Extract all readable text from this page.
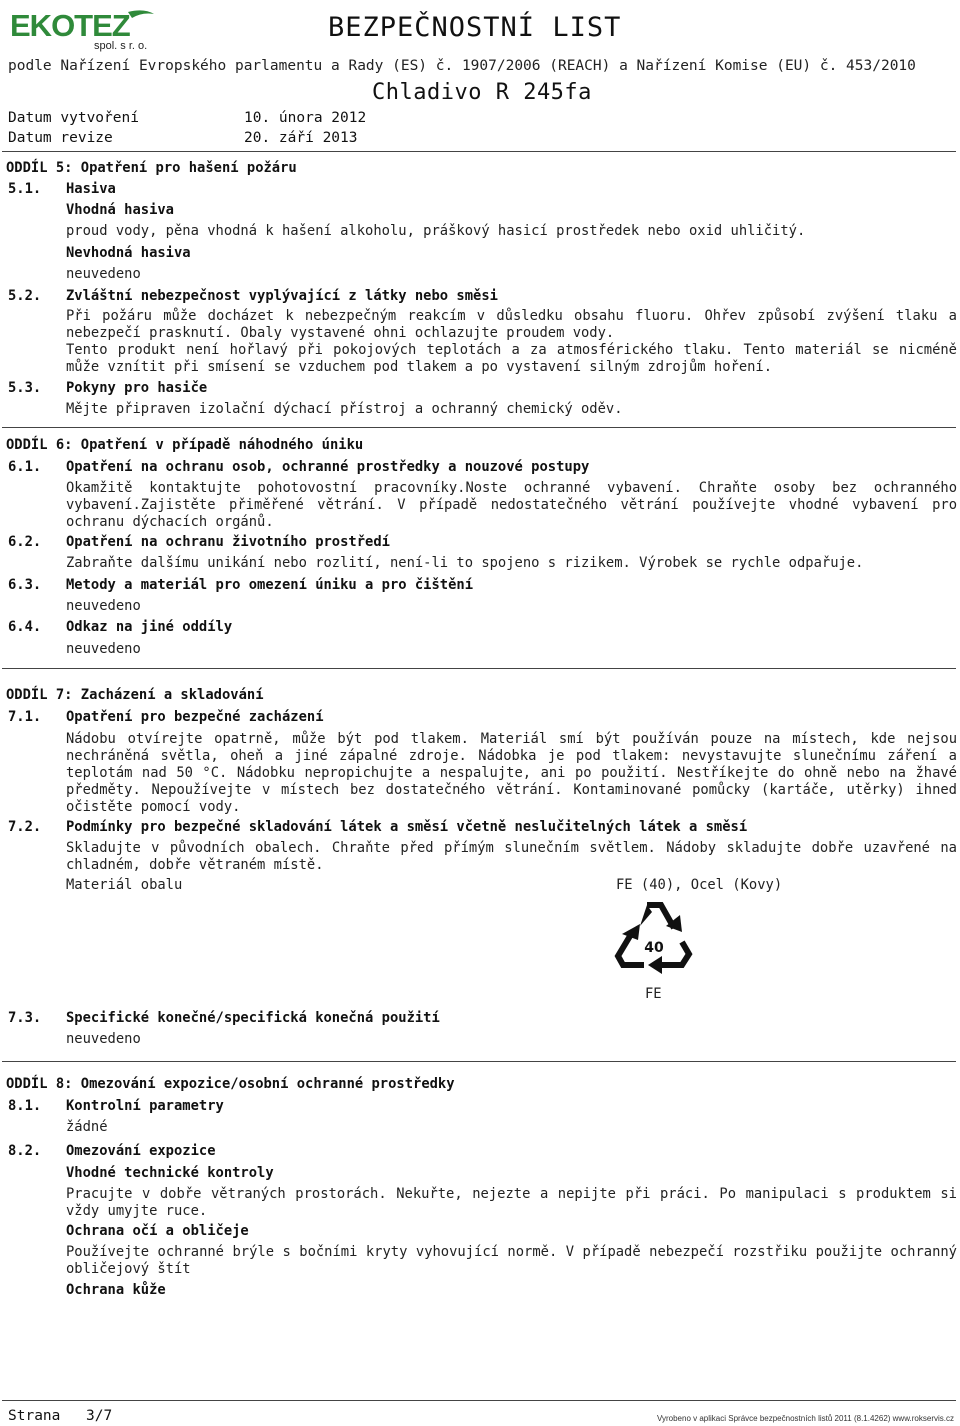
EKOTEZ
spol. s r. o.
BEZPEČNOSTNÍ LIST
podle Nařízení Evropského parlamentu a Rady (ES) č. 1907/2006 (REACH) a Nařízení Komise (EU) č. 453/2010
Chladivo R 245fa
Datum vytvoření	10. února 2012
Datum revize	20. září 2013
ODDÍL 5: Opatření pro hašení požáru
5.1. Hasiva
Vhodná hasiva
proud vody, pěna vhodná k hašení alkoholu, práškový hasicí prostředek nebo oxid uhličitý.
Nevhodná hasiva
neuvedeno
5.2. Zvláštní nebezpečnost vyplývající z látky nebo směsi
Při požáru může docházet k nebezpečným reakcím v důsledku obsahu fluoru. Ohřev způsobí zvýšení tlaku a nebezpečí prasknutí. Obaly vystavené ohni ochlazujte proudem vody.
Tento produkt není hořlavý při pokojových teplotách a za atmosférického tlaku. Tento materiál se nicméně může vznítit při smísení se vzduchem pod tlakem a po vystavení silným zdrojům hoření.
5.3. Pokyny pro hasiče
Mějte připraven izolační dýchací přístroj a ochranný chemický oděv.
ODDÍL 6: Opatření v případě náhodného úniku
6.1. Opatření na ochranu osob, ochranné prostředky a nouzové postupy
Okamžitě kontaktujte pohotovostní pracovníky.Noste ochranné vybavení. Chraňte osoby bez ochranného vybavení.Zajistěte přiměřené větrání. V případě nedostatečného větrání používejte vhodné vybavení pro ochranu dýchacích orgánů.
6.2. Opatření na ochranu životního prostředí
Zabraňte dalšímu unikání nebo rozlití, není-li to spojeno s rizikem. Výrobek se rychle odpařuje.
6.3. Metody a materiál pro omezení úniku a pro čištění
neuvedeno
6.4. Odkaz na jiné oddíly
neuvedeno
ODDÍL 7: Zacházení a skladování
7.1. Opatření pro bezpečné zacházení
Nádobu otvírejte opatrně, může být pod tlakem. Materiál smí být používán pouze na místech, kde nejsou nechráněná světla, oheň a jiné zápalné zdroje. Nádobka je pod tlakem: nevystavujte slunečnímu záření a teplotám nad 50 °C. Nádobku nepropichujte a nespalujte, ani po použití. Nestříkejte do ohně nebo na žhavé předměty. Nepoužívejte v místech bez dostatečného větrání. Kontaminované pomůcky (kartáče, utěrky) ihned očistěte pomocí vody.
7.2. Podmínky pro bezpečné skladování látek a směsí včetně neslučitelných látek a směsí
Skladujte v původních obalech. Chraňte před přímým slunečním světlem. Nádoby skladujte dobře uzavřené na chladném, dobře větraném místě.
Materiál obalu	FE (40), Ocel (Kovy)
40
FE
7.3. Specifické konečné/specifická konečná použití
neuvedeno
ODDÍL 8: Omezování expozice/osobní ochranné prostředky
8.1. Kontrolní parametry
žádné
8.2. Omezování expozice
Vhodné technické kontroly
Pracujte v dobře větraných prostorách. Nekuřte, nejezte a nepijte při práci. Po manipulaci s produktem si vždy umyjte ruce.
Ochrana očí a obličeje
Používejte ochranné brýle s bočními kryty vyhovující normě. V případě nebezpečí rozstřiku použijte ochranný obličejový štít
Ochrana kůže
Strana 3/7	Vyrobeno v aplikaci Správce bezpečnostních listů 2011 (8.1.4262) www.rokservis.cz
